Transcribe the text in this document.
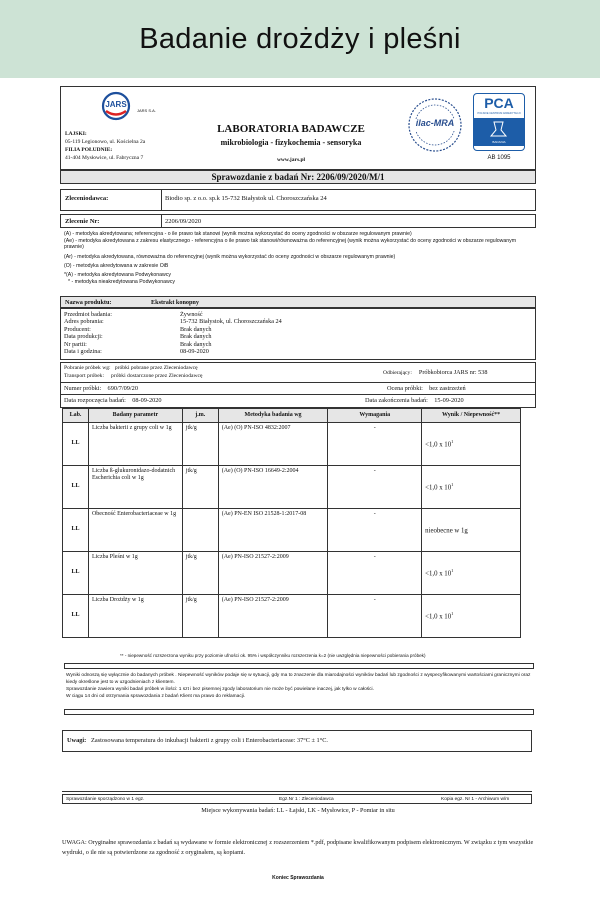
Badanie drożdży i pleśni
JARS
JARS S.A.
LAJSKI:
05-119 Legionowo, ul. Kościelna 2a
FILIA POŁUDNIE:
41-404 Mysłowice, ul. Fabryczna 7
LABORATORIA BADAWCZE
mikrobiologia - fizykochemia - sensoryka
www.jars.pl
ilac-MRA
PCA
POLSKIE CENTRUM AKREDYTACJI
BADANIA
AB 1095
Sprawozdanie z badań Nr: 2206/09/2020/M/1
Zleceniodawca:	Biodio sp. z o.o. sp.k 15-732 Białystok ul. Choroszczańska 24
Zlecenie Nr:	2206/09/2020
(A) - metodyka akredytowana; referencyjna - o ile prawo tak stanowi (wynik można wykorzystać do oceny zgodności w obszarze regulowanym prawnie)
(Ae) - metodyka akredytowana z zakresu elastycznego - referencyjna o ile prawo tak stanowi/równoważna do referencyjnej (wynik można wykorzystać do oceny zgodności w obszarze regulowanym prawnie)
(Ar) - metodyka akredytowana, równoważna do referencyjnej (wynik można wykorzystać do oceny zgodności w obszarze regulowanym prawnie)
(O) - metodyka akredytowana w zakresie OiB
*(A) - metodyka akredytowana Podwykonawcy
* - metodyka nieakredytowana Podwykonawcy
Nazwa produktu:	Ekstrakt konopny
Przedmiot badania:	Żywność
Adres pobrania:	15-732 Białystok, ul. Choroszczańska 24
Producent:	Brak danych
Data produkcji:	Brak danych
Nr partii:	Brak danych
Data i godzina:	08-09-2020
Pobranie próbek wg: próbki pobrane przez Zleceniodawcę
Transport próbek: próbki dostarczone przez Zleceniodawcę	Odbierający: Próbkobiorca JARS nr: 538
Numer próbki: 690/7/09/20	Ocena próbki: bez zastrzeżeń
Data rozpoczęcia badań: 08-09-2020	Data zakończenia badań: 15-09-2020
Lab.	Badany parametr	j.m.	Metodyka badania wg	Wymagania	Wynik / Niepewność**
LL	Liczba bakterii z grupy coli w 1g	jtk/g	(Ae) (O) PN-ISO 4832:2007	-	<1,0 x $10^1$
LL	Liczba ß-glukuronidazo-dodatnich Escherichia coli w 1g	jtk/g	(Ae) (O) PN-ISO 16649-2:2004	-	<1,0 x $10^1$
LL	Obecność Enterobacteriaceae w 1g		(Ae) PN-EN ISO 21528-1:2017-08	-	nieobecne w 1g
LL	Liczba Pleśni w 1g	jtk/g	(Ae) PN-ISO 21527-2:2009	-	<1,0 x $10^1$
LL	Liczba Drożdży w 1g	jtk/g	(Ae) PN-ISO 21527-2:2009	-	<1,0 x $10^1$
** - niepewność rozszerzona wyniku przy poziomie ufności ok. 95% i współczynniku rozszerzenia k=2 (nie uwzględnia niepewności pobierania próbek)
Wyniki odnoszą się wyłącznie do badanych próbek . Niepewność wyników podaje się w sytuacji, gdy ma to znaczenie dla miarodajności wyników badań lub zgodności z wyspecyfikowanymi wartościami granicznymi oraz kiedy określone jest to w uzgodnieniach z klientem.
Sprawozdanie zawiera wyniki badań próbek w ilości: 1 szt i bez pisemnej zgody laboratorium nie może być powielane inaczej, jak tylko w całości.
W ciągu 14 dni od otrzymania sprawozdania z badań Klient ma prawo do reklamacji.
Uwagi: Zastosowana temperatura do inkubacji bakterii z grupy coli i Enterobacteriaceae: 37°C ± 1°C.
Sprawozdanie sporządzono w 1 egz.	Egz.Nr 1 : Zleceniodawca	Kopia egz. Nr 1 - Archiwum w/m
Miejsce wykonywania badań: LL - Łajski, LK - Mysłowice, P - Pomiar in situ
UWAGA: Oryginałne sprawozdania z badań są wydawane w formie elektronicznej z rozszerzeniem *.pdf, podpisane kwalifikowanym podpisem elektronicznym. W związku z tym wszystkie wydruki, o ile nie są potwierdzone za zgodność z oryginałem, są kopiami.
Koniec Sprawozdania
